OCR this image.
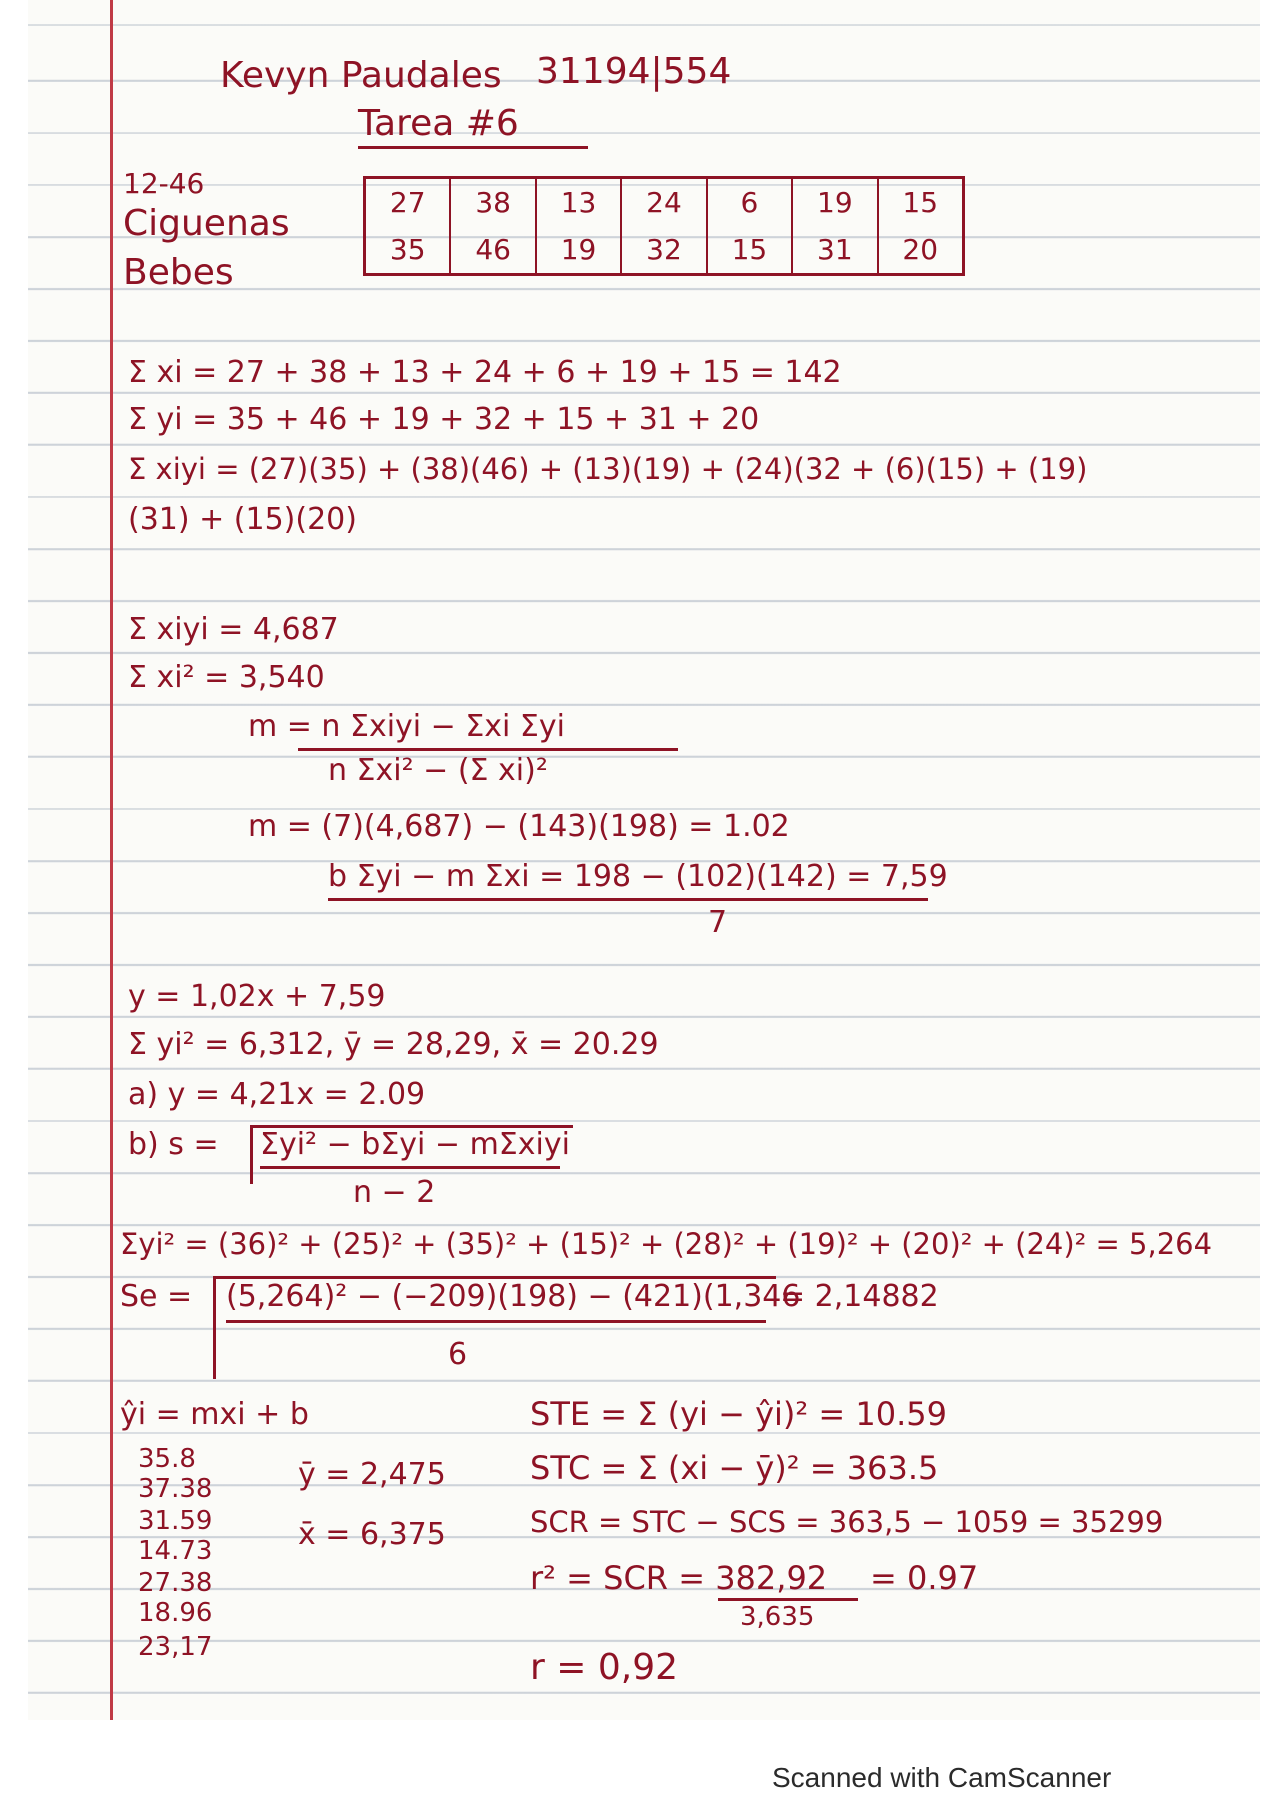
Kevyn Paudales 31194|554

Tarea #6

12-46

Ciguenas

Bebes

27
35
38
46
13
19
24
32
6
15
19
31
15
20

Σ xi = 27 + 38 + 13 + 24 + 6 + 19 + 15 = 142

Σ yi = 35 + 46 + 19 + 32 + 15 + 31 + 20

Σ xiyi = (27)(35) + (38)(46) + (13)(19) + (24)(32 + (6)(15) + (19)

(31) + (15)(20)

Σ xiyi = 4,687

Σ xi² = 3,540

m = n Σxiyi − Σxi Σyi

n Σxi² − (Σ xi)²

m = (7)(4,687) − (143)(198) = 1.02

b Σyi − m Σxi = 198 − (102)(142) = 7,59

7

y = 1,02x + 7,59

Σ yi² = 6,312, ȳ = 28,29, x̄ = 20.29

a) y = 4,21x = 2.09

b) s = Σyi² − bΣyi − mΣxiyi

n − 2

Σyi² = (36)² + (25)² + (35)² + (15)² + (28)² + (19)² + (20)² + (24)² = 5,264

Se = (5,264)² − (−209)(198) − (421)(1,346

= 2,14882

6

ŷi = mxi + b

35.8

37.38

31.59

14.73

27.38

18.96

23,17

ȳ = 2,475

x̄ = 6,375

STE = Σ (yi − ŷi)² = 10.59

STC = Σ (xi − ȳ)² = 363.5

SCR = STC − SCS = 363,5 − 1059 = 35299

r² = SCR = 382,92 = 0.97

3,635

r = 0,92

Scanned with CamScanner
